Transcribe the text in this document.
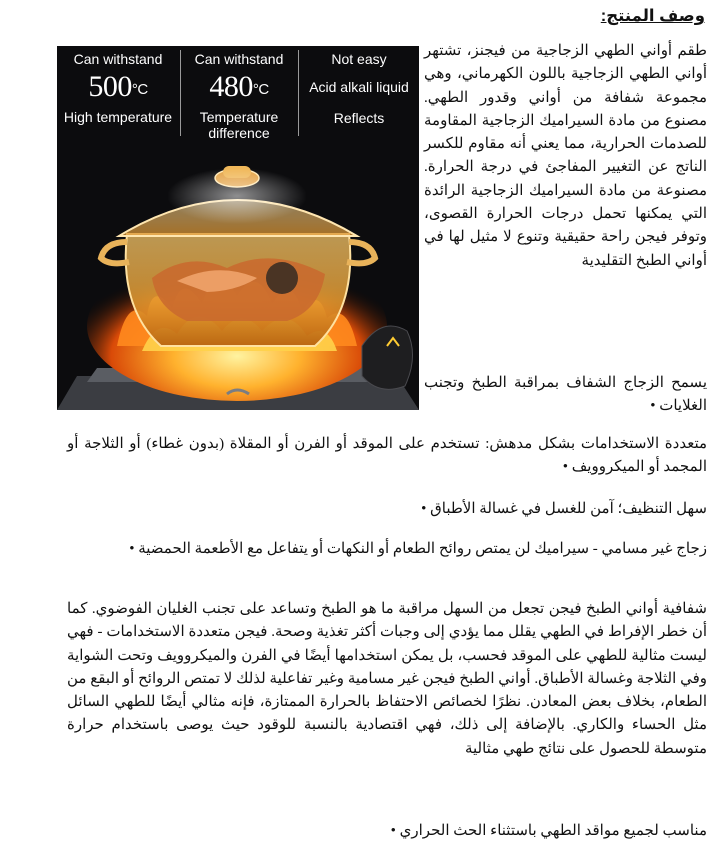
وصف المنتج:
Can withstand
500°C
High temperature
Can withstand
480°C
Temperature difference
Not easy
Acid alkali liquid
Reflects

طقم أواني الطهي الزجاجية من فيجنز، تشتهر أواني الطهي الزجاجية باللون الكهرماني، وهي مجموعة شفافة من أواني وقدور الطهي. مصنوع من مادة السيراميك الزجاجية المقاومة للصدمات الحرارية، مما يعني أنه مقاوم للكسر الناتج عن التغيير المفاجئ في درجة الحرارة. مصنوعة من مادة السيراميك الزجاجية الرائدة التي يمكنها تحمل درجات الحرارة القصوى، وتوفر فيجن راحة حقيقية وتنوع لا مثيل لها في أواني الطبخ التقليدية

يسمح الزجاج الشفاف بمراقبة الطبخ وتجنب الغلايات •

متعددة الاستخدامات بشكل مدهش: تستخدم على الموقد أو الفرن أو المقلاة (بدون غطاء) أو الثلاجة أو المجمد أو الميكروويف •

سهل التنظيف؛ آمن للغسل في غسالة الأطباق •

زجاج غير مسامي - سيراميك لن يمتص روائح الطعام أو النكهات أو يتفاعل مع الأطعمة الحمضية •

شفافية أواني الطبخ فيجن تجعل من السهل مراقبة ما هو الطبخ وتساعد على تجنب الغليان الفوضوي. كما أن خطر الإفراط في الطهي يقلل مما يؤدي إلى وجبات أكثر تغذية وصحة. فيجن متعددة الاستخدامات - فهي ليست مثالية للطهي على الموقد فحسب، بل يمكن استخدامها أيضًا في الفرن والميكروويف وتحت الشواية وفي الثلاجة وغسالة الأطباق. أواني الطبخ فيجن غير مسامية وغير تفاعلية لذلك لا تمتص الروائح أو البقع من الطعام، بخلاف بعض المعادن. نظرًا لخصائص الاحتفاظ بالحرارة الممتازة، فإنه مثالي أيضًا للطهي السائل مثل الحساء والكاري. بالإضافة إلى ذلك، فهي اقتصادية بالنسبة للوقود حيث يوصى باستخدام حرارة متوسطة للحصول على نتائج طهي مثالية

مناسب لجميع مواقد الطهي باستثناء الحث الحراري •
